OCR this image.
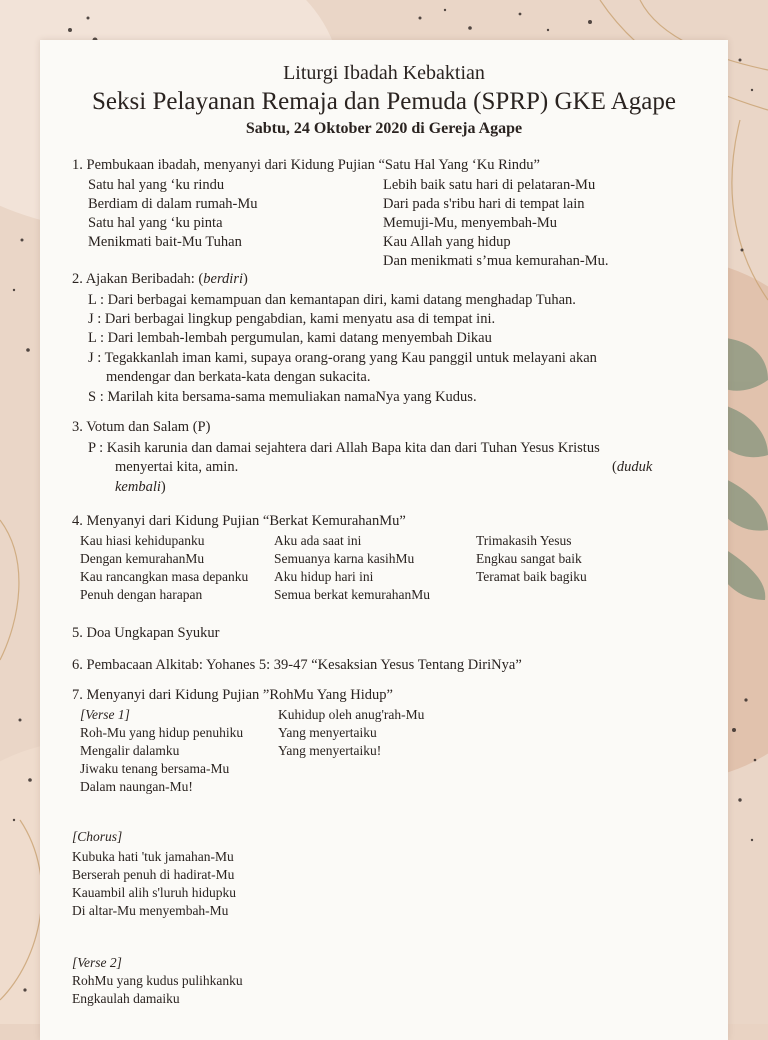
Liturgi Ibadah Kebaktian
Seksi Pelayanan Remaja dan Pemuda (SPRP) GKE Agape
Sabtu, 24 Oktober 2020 di Gereja Agape
1. Pembukaan ibadah, menyanyi dari Kidung Pujian “Satu Hal Yang ‘Ku Rindu”
Satu hal yang ‘ku rindu
Berdiam di dalam rumah-Mu
Satu hal yang ‘ku pinta
Menikmati bait-Mu Tuhan
Lebih baik satu hari di pelataran-Mu
Dari pada s'ribu hari di tempat lain
Memuji-Mu, menyembah-Mu
Kau Allah yang hidup
Dan menikmati s’mua kemurahan-Mu.
2. Ajakan Beribadah: (berdiri)
L : Dari berbagai kemampuan dan kemantapan diri, kami datang menghadap Tuhan.
J : Dari berbagai lingkup pengabdian, kami menyatu asa di tempat ini.
L : Dari lembah-lembah pergumulan, kami datang menyembah Dikau
J : Tegakkanlah iman kami, supaya orang-orang yang Kau panggil untuk melayani akan
mendengar dan berkata-kata dengan sukacita.
S : Marilah kita bersama-sama memuliakan namaNya yang Kudus.
3. Votum dan Salam (P)
P : Kasih karunia dan damai sejahtera dari Allah Bapa kita dan dari Tuhan Yesus Kristus
menyertai kita, amin.	(duduk
kembali)
4. Menyanyi dari Kidung Pujian “Berkat KemurahanMu”
Kau hiasi kehidupanku
Dengan kemurahanMu
Kau rancangkan masa depanku
Penuh dengan harapan
Aku ada saat ini
Semuanya karna kasihMu
Aku hidup hari ini
Semua berkat kemurahanMu
Trimakasih Yesus
Engkau sangat baik
Teramat baik bagiku
5. Doa Ungkapan Syukur
6. Pembacaan Alkitab: Yohanes 5: 39-47 “Kesaksian Yesus Tentang DiriNya”
7. Menyanyi dari Kidung Pujian ”RohMu Yang Hidup”
[Verse 1]
Roh-Mu yang hidup penuhiku
Mengalir dalamku
Jiwaku tenang bersama-Mu
Dalam naungan-Mu!
Kuhidup oleh anug'rah-Mu
Yang menyertaiku
Yang menyertaiku!
[Chorus]
Kubuka hati 'tuk jamahan-Mu
Berserah penuh di hadirat-Mu
Kauambil alih s'luruh hidupku
Di altar-Mu menyembah-Mu
[Verse 2]
RohMu yang kudus pulihkanku
Engkaulah damaiku
